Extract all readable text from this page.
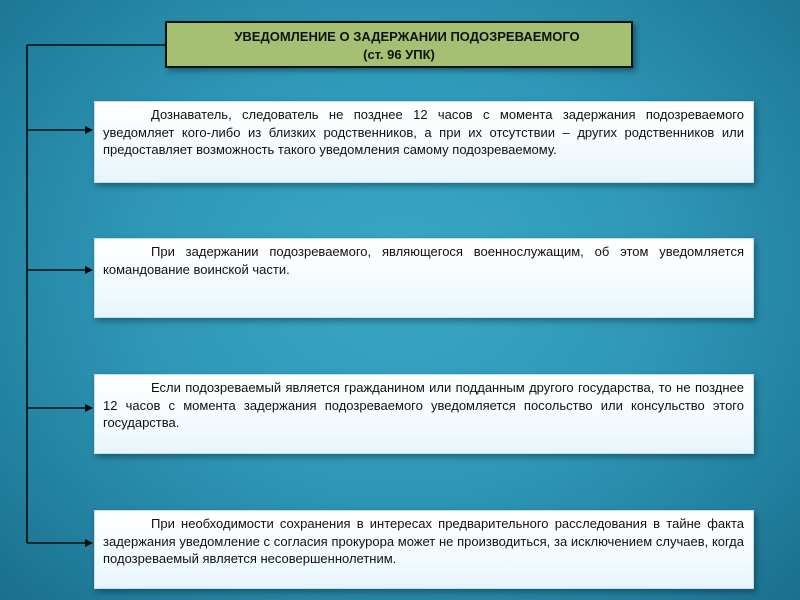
УВЕДОМЛЕНИЕ О ЗАДЕРЖАНИИ ПОДОЗРЕВАЕМОГО
(ст. 96 УПК)
Дознаватель, следователь не позднее 12 часов с момента задержания подозреваемого уведомляет кого-либо из близких родственников, а при их отсутствии – других родственников или предоставляет возможность такого уведомления самому подозреваемому.
При задержании подозреваемого, являющегося военнослужащим, об этом уведомляется командование воинской части.
Если подозреваемый является гражданином или подданным другого государства, то не позднее 12 часов с момента задержания подозреваемого уведомляется посольство или консульство этого государства.
При необходимости сохранения в интересах предварительного расследования в тайне факта задержания уведомление с согласия прокурора может не производиться, за исключением случаев, когда подозреваемый является несовершеннолетним.
